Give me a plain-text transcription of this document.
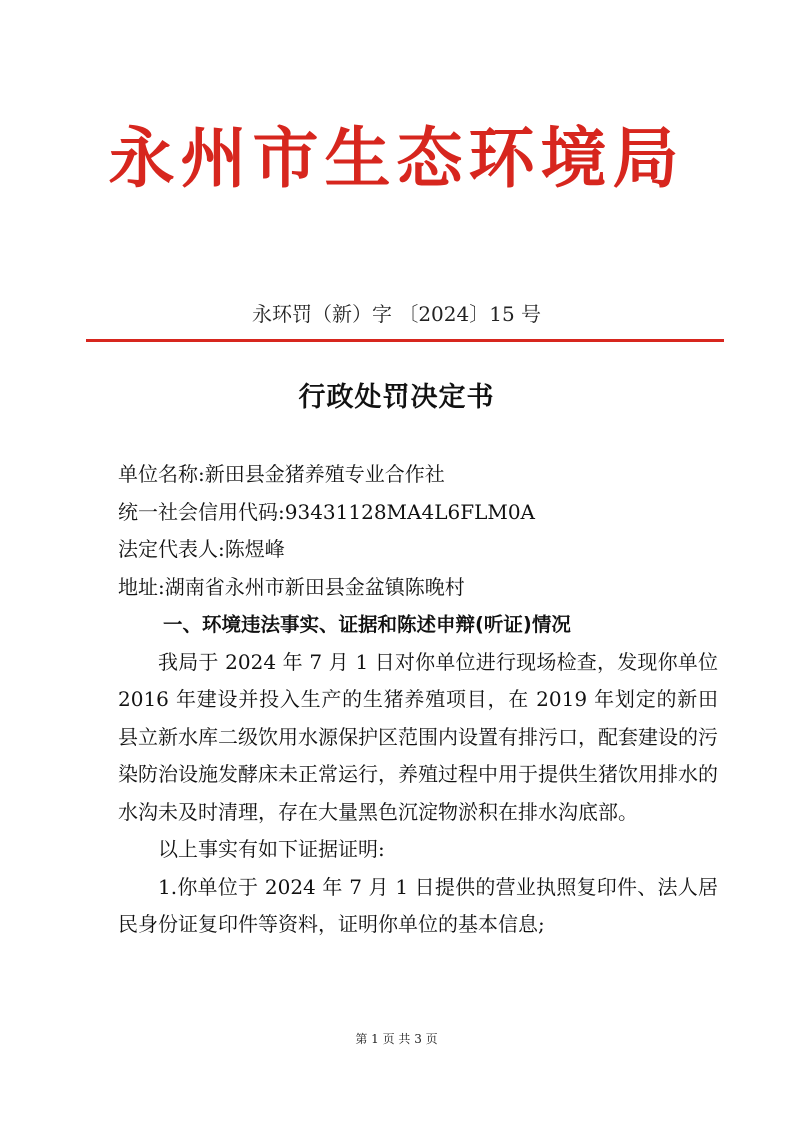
永州市生态环境局
永环罚（新）字 〔2024〕15 号
行政处罚决定书

单位名称:新田县金猪养殖专业合作社

统一社会信用代码:93431128MA4L6FLM0A

法定代表人:陈煜峰

地址:湖南省永州市新田县金盆镇陈晚村

一、环境违法事实、证据和陈述申辩(听证)情况

我局于 2024 年 7 月 1 日对你单位进行现场检查，发现你单位 2016 年建设并投入生产的生猪养殖项目，在 2019 年划定的新田县立新水库二级饮用水源保护区范围内设置有排污口，配套建设的污染防治设施发酵床未正常运行，养殖过程中用于提供生猪饮用排水的水沟未及时清理，存在大量黑色沉淀物淤积在排水沟底部。

以上事实有如下证据证明:

1.你单位于 2024 年 7 月 1 日提供的营业执照复印件、法人居民身份证复印件等资料，证明你单位的基本信息;

第 1 页 共 3 页
